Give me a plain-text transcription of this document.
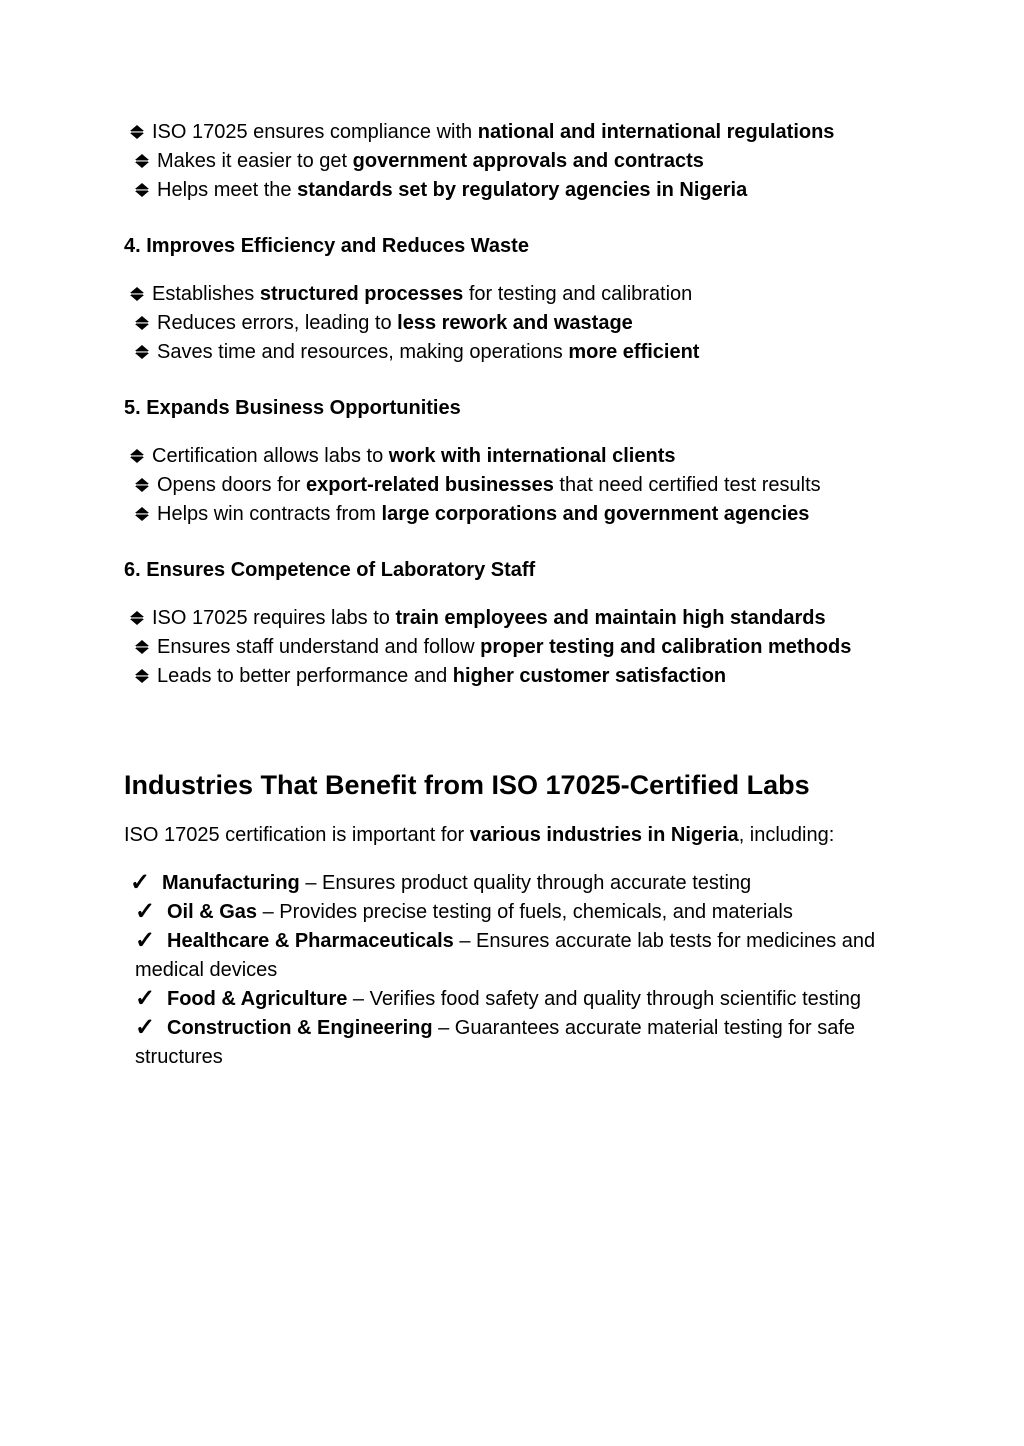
ISO 17025 ensures compliance with national and international regulations

Makes it easier to get government approvals and contracts

Helps meet the standards set by regulatory agencies in Nigeria

4. Improves Efficiency and Reduces Waste

Establishes structured processes for testing and calibration

Reduces errors, leading to less rework and wastage

Saves time and resources, making operations more efficient

5. Expands Business Opportunities

Certification allows labs to work with international clients

Opens doors for export-related businesses that need certified test results

Helps win contracts from large corporations and government agencies

6. Ensures Competence of Laboratory Staff

ISO 17025 requires labs to train employees and maintain high standards

Ensures staff understand and follow proper testing and calibration methods

Leads to better performance and higher customer satisfaction

Industries That Benefit from ISO 17025-Certified Labs

ISO 17025 certification is important for various industries in Nigeria, including:

✓ Manufacturing – Ensures product quality through accurate testing

✓ Oil & Gas – Provides precise testing of fuels, chemicals, and materials

✓ Healthcare & Pharmaceuticals – Ensures accurate lab tests for medicines and medical devices

✓ Food & Agriculture – Verifies food safety and quality through scientific testing

✓ Construction & Engineering – Guarantees accurate material testing for safe structures
